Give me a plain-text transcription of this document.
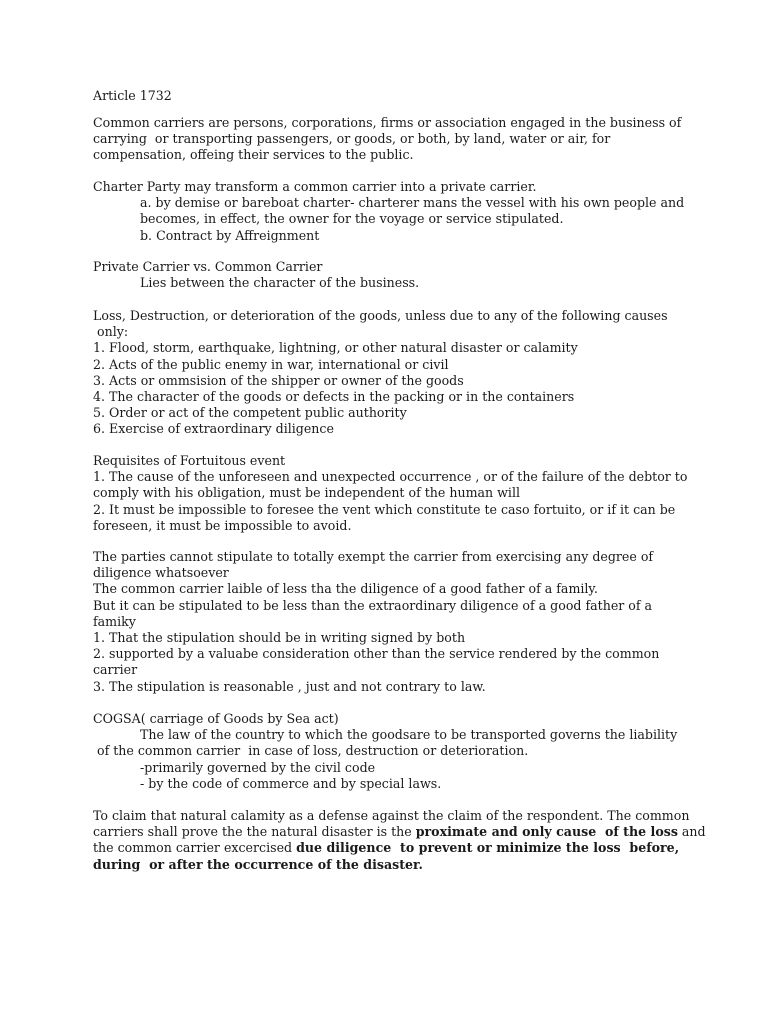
Article 1732
Common carriers are persons, corporations, firms or association engaged in the business of
carrying  or transporting passengers, or goods, or both, by land, water or air, for
compensation, offeing their services to the public.
Charter Party may transform a common carrier into a private carrier.
a. by demise or bareboat charter- charterer mans the vessel with his own people and
becomes, in effect, the owner for the voyage or service stipulated.
b. Contract by Affreignment
Private Carrier vs. Common Carrier
Lies between the character of the business.
Loss, Destruction, or deterioration of the goods, unless due to any of the following causes
only:
1. Flood, storm, earthquake, lightning, or other natural disaster or calamity
2. Acts of the public enemy in war, international or civil
3. Acts or ommsision of the shipper or owner of the goods
4. The character of the goods or defects in the packing or in the containers
5. Order or act of the competent public authority
6. Exercise of extraordinary diligence
Requisites of Fortuitous event
1. The cause of the unforeseen and unexpected occurrence , or of the failure of the debtor to
comply with his obligation, must be independent of the human will
2. It must be impossible to foresee the vent which constitute te caso fortuito, or if it can be
foreseen, it must be impossible to avoid.
The parties cannot stipulate to totally exempt the carrier from exercising any degree of
diligence whatsoever
The common carrier laible of less tha the diligence of a good father of a family.
But it can be stipulated to be less than the extraordinary diligence of a good father of a
famiky
1. That the stipulation should be in writing signed by both
2. supported by a valuabe consideration other than the service rendered by the common
carrier
3. The stipulation is reasonable , just and not contrary to law.
COGSA( carriage of Goods by Sea act)
The law of the country to which the goodsare to be transported governs the liability
of the common carrier  in case of loss, destruction or deterioration.
-primarily governed by the civil code
- by the code of commerce and by special laws.
To claim that natural calamity as a defense against the claim of the respondent. The common
carriers shall prove the the natural disaster is the proximate and only cause  of the loss and
the common carrier excercised due diligence  to prevent or minimize the loss  before,
during  or after the occurrence of the disaster.
